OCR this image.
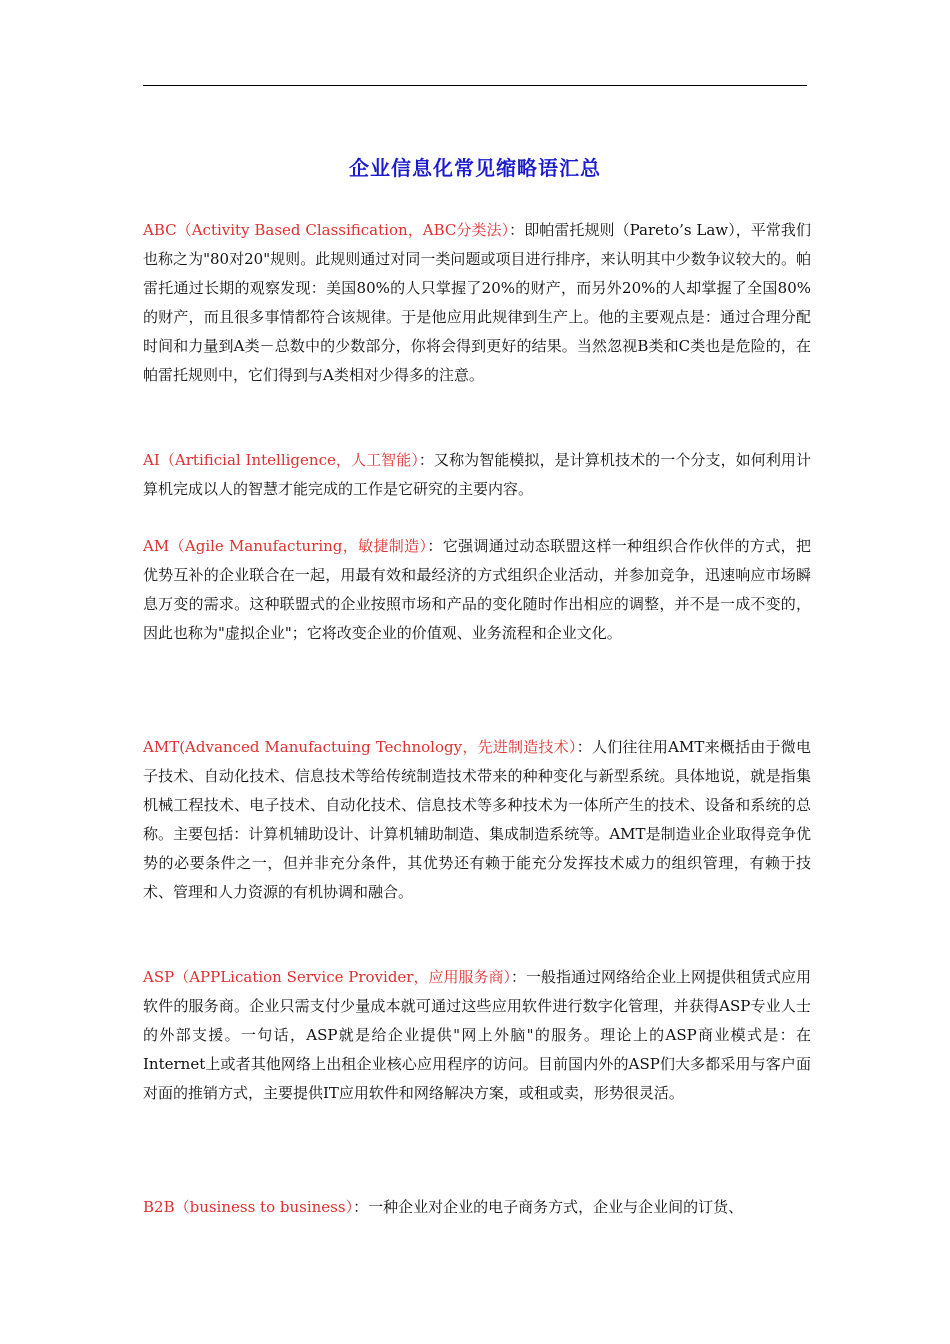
企业信息化常见缩略语汇总

ABC（Activity Based Classification，ABC分类法）：即帕雷托规则（Pareto’s Law），平常我们也称之为"80对20"规则。此规则通过对同一类问题或项目进行排序，来认明其中少数争议较大的。帕雷托通过长期的观察发现：美国80%的人只掌握了20%的财产，而另外20%的人却掌握了全国80%的财产，而且很多事情都符合该规律。于是他应用此规律到生产上。他的主要观点是：通过合理分配时间和力量到A类－总数中的少数部分，你将会得到更好的结果。当然忽视B类和C类也是危险的，在帕雷托规则中，它们得到与A类相对少得多的注意。

AI（Artificial Intelligence，人工智能）：又称为智能模拟，是计算机技术的一个分支，如何利用计算机完成以人的智慧才能完成的工作是它研究的主要内容。

AM（Agile Manufacturing，敏捷制造）：它强调通过动态联盟这样一种组织合作伙伴的方式，把优势互补的企业联合在一起，用最有效和最经济的方式组织企业活动，并参加竞争，迅速响应市场瞬息万变的需求。这种联盟式的企业按照市场和产品的变化随时作出相应的调整，并不是一成不变的，因此也称为"虚拟企业"；它将改变企业的价值观、业务流程和企业文化。

AMT(Advanced Manufactuing Technology，先进制造技术）：人们往往用AMT来概括由于微电子技术、自动化技术、信息技术等给传统制造技术带来的种种变化与新型系统。具体地说，就是指集机械工程技术、电子技术、自动化技术、信息技术等多种技术为一体所产生的技术、设备和系统的总称。主要包括：计算机辅助设计、计算机辅助制造、集成制造系统等。AMT是制造业企业取得竞争优势的必要条件之一，但并非充分条件，其优势还有赖于能充分发挥技术威力的组织管理，有赖于技术、管理和人力资源的有机协调和融合。

ASP（APPLication Service Provider，应用服务商）：一般指通过网络给企业上网提供租赁式应用软件的服务商。企业只需支付少量成本就可通过这些应用软件进行数字化管理，并获得ASP专业人士的外部支援。一句话，ASP就是给企业提供"网上外脑"的服务。理论上的ASP商业模式是：在Internet上或者其他网络上出租企业核心应用程序的访问。目前国内外的ASP们大多都采用与客户面对面的推销方式，主要提供IT应用软件和网络解决方案，或租或卖，形势很灵活。

B2B（business to business）：一种企业对企业的电子商务方式，企业与企业间的订货、
